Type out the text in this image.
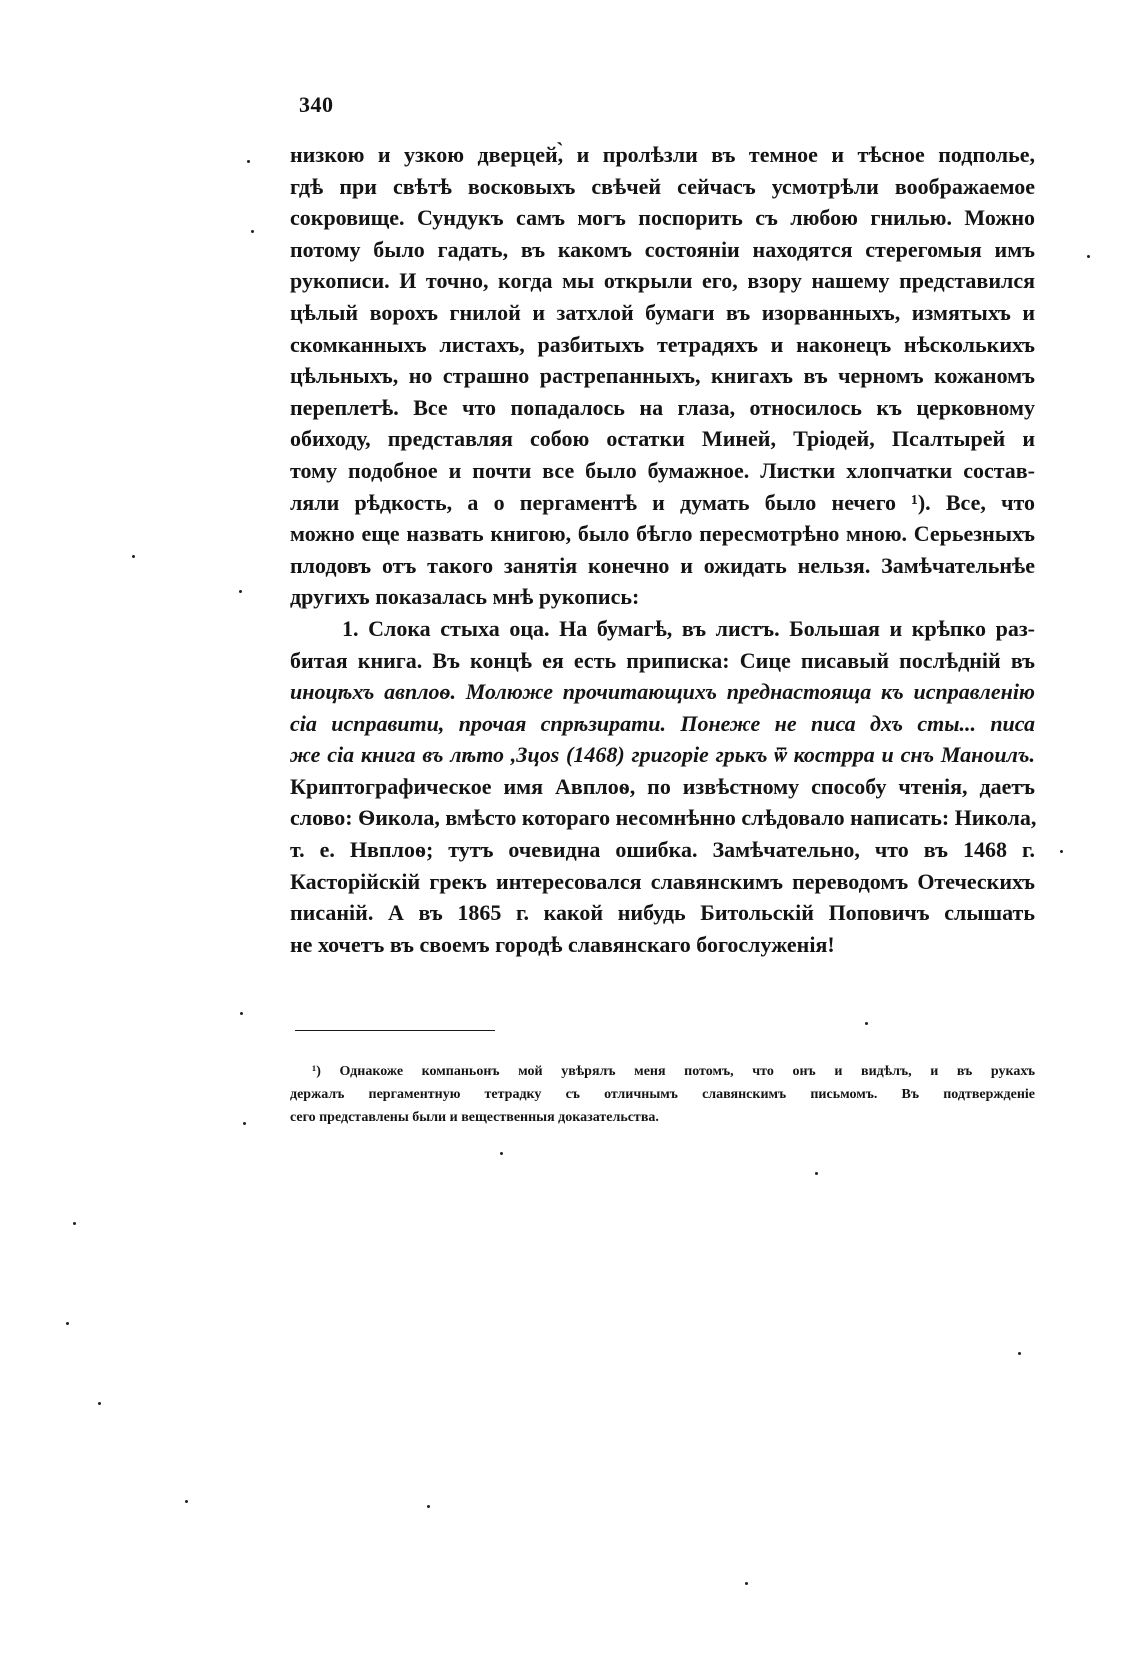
340
низкою и узкою дверцей,̀ и пролѣзли въ темное и тѣсное подполье,
гдѣ при свѣтѣ восковыхъ свѣчей сейчасъ усмотрѣли воображаемое
сокровище. Сундукъ самъ могъ поспорить съ любою гнилью. Можно
потому было гадать, въ какомъ состоянiи находятся стерегомыя имъ
рукописи. И точно, когда мы открыли его, взору нашему представился
цѣлый ворохъ гнилой и затхлой бумаги въ изорванныхъ, измятыхъ и
скомканныхъ листахъ, разбитыхъ тетрадяхъ и наконецъ нѣсколькихъ
цѣльныхъ, но страшно растрепанныхъ, книгахъ въ черномъ кожаномъ
переплетѣ. Все что попадалось на глаза, относилось къ церковному
обиходу, представляя собою остатки Миней, Трiодей, Псалтырей и
тому подобное и почти все было бумажное. Листки хлопчатки состав-
ляли рѣдкость, а о пергаментѣ и думать было нечего ¹). Все, что
можно еще назвать книгою, было бѣгло пересмотрѣно мною. Серьезныхъ
плодовъ отъ такого занятiя конечно и ожидать нельзя. Замѣчательнѣе
другихъ показалась мнѣ рукопись:
1. Слока стыха оца. На бумагѣ, въ листъ. Большая и крѣпко раз-
битая книга. Въ концѣ ея есть приписка: Сице писавый послѣднiй въ
иноцѣхъ авплоѳ. Молюже прочитающихъ преднастояща къ исправленiю
сiа исправити, прочая спрѣзирати. Понеже не писа дхъ сты... писа
же сiа книга въ лѣто ,Зцоѕ (1468) григорiе грькъ ѿ кострра и снъ Маноилъ.
Криптографическое имя Авплоѳ, по извѣстному способу чтенiя, даетъ
слово: Ѳикола, вмѣсто котораго несомнѣнно слѣдовало написать: Никола,
т. е. Нвплоѳ; тутъ очевидна ошибка. Замѣчательно, что въ 1468 г.
Касторiйскiй грекъ интересовался славянскимъ переводомъ Отеческихъ
писанiй. А въ 1865 г. какой нибудь Битольскiй Поповичъ слышать
не хочетъ въ своемъ городѣ славянскаго богослуженiя!
¹) Однакоже компаньонъ мой увѣрялъ меня потомъ, что онъ и видѣлъ, и въ рукахъ
держалъ пергаментную тетрадку съ отличнымъ славянскимъ письмомъ. Въ подтвержденiе
сего представлены были и вещественныя доказательства.
